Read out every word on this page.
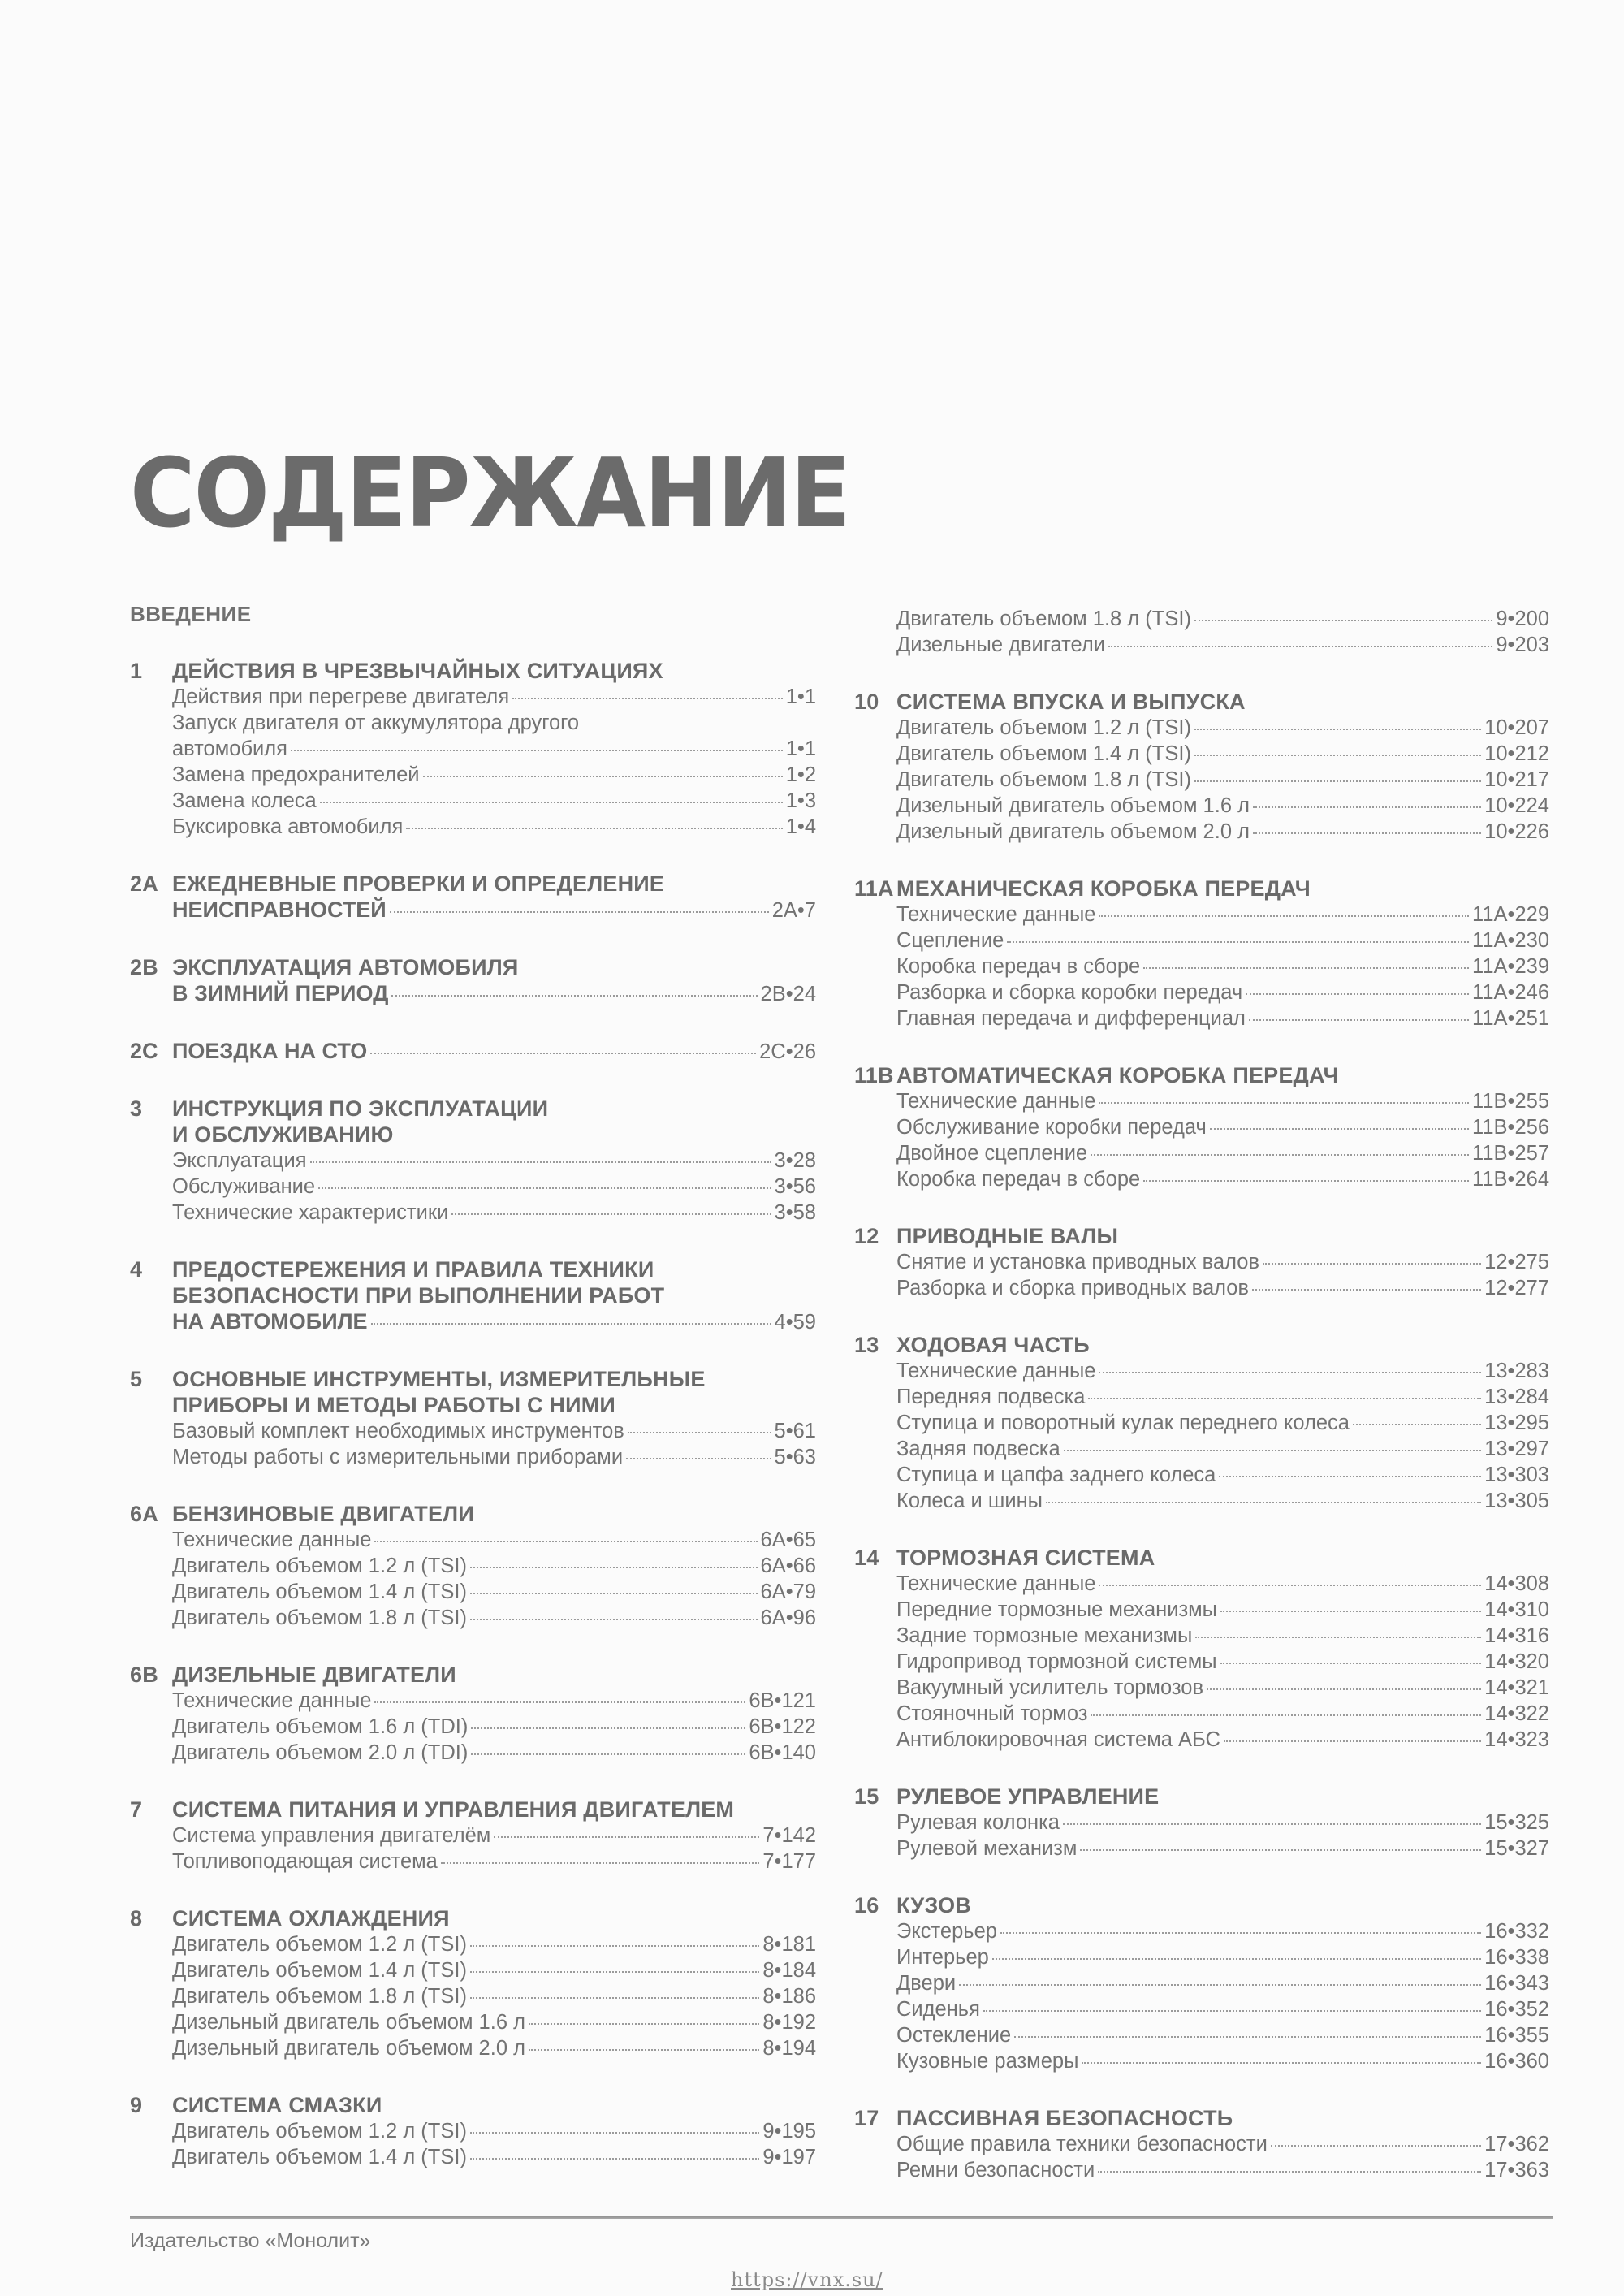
СОДЕРЖАНИЕ
ВВЕДЕНИЕ
1 ДЕЙСТВИЯ В ЧРЕЗВЫЧАЙНЫХ СИТУАЦИЯХ
Действия при перегреве двигателя	1•1
Запуск двигателя от аккумулятора другого
автомобиля	1•1
Замена предохранителей	1•2
Замена колеса	1•3
Буксировка автомобиля	1•4
2A ЕЖЕДНЕВНЫЕ ПРОВЕРКИ И ОПРЕДЕЛЕНИЕ
НЕИСПРАВНОСТЕЙ	2A•7
2B ЭКСПЛУАТАЦИЯ АВТОМОБИЛЯ
В ЗИМНИЙ ПЕРИОД	2B•24
2C ПОЕЗДКА НА СТО	2C•26
3 ИНСТРУКЦИЯ ПО ЭКСПЛУАТАЦИИ
И ОБСЛУЖИВАНИЮ
Эксплуатация	3•28
Обслуживание	3•56
Технические характеристики	3•58
4 ПРЕДОСТЕРЕЖЕНИЯ И ПРАВИЛА ТЕХНИКИ
БЕЗОПАСНОСТИ ПРИ ВЫПОЛНЕНИИ РАБОТ
НА АВТОМОБИЛЕ	4•59
5 ОСНОВНЫЕ ИНСТРУМЕНТЫ, ИЗМЕРИТЕЛЬНЫЕ
ПРИБОРЫ И МЕТОДЫ РАБОТЫ С НИМИ
Базовый комплект необходимых инструментов	5•61
Методы работы с измерительными приборами	5•63
6A БЕНЗИНОВЫЕ ДВИГАТЕЛИ
Технические данные	6A•65
Двигатель объемом 1.2 л (TSI)	6A•66
Двигатель объемом 1.4 л (TSI)	6A•79
Двигатель объемом 1.8 л (TSI)	6A•96
6B ДИЗЕЛЬНЫЕ ДВИГАТЕЛИ
Технические данные	6B•121
Двигатель объемом 1.6 л (TDI)	6B•122
Двигатель объемом 2.0 л (TDI)	6B•140
7 СИСТЕМА ПИТАНИЯ И УПРАВЛЕНИЯ ДВИГАТЕЛЕМ
Система управления двигателём	7•142
Топливоподающая система	7•177
8 СИСТЕМА ОХЛАЖДЕНИЯ
Двигатель объемом 1.2 л (TSI)	8•181
Двигатель объемом 1.4 л (TSI)	8•184
Двигатель объемом 1.8 л (TSI)	8•186
Дизельный двигатель объемом 1.6 л	8•192
Дизельный двигатель объемом 2.0 л	8•194
9 СИСТЕМА СМАЗКИ
Двигатель объемом 1.2 л (TSI)	9•195
Двигатель объемом 1.4 л (TSI)	9•197
Двигатель объемом 1.8 л (TSI)	9•200
Дизельные двигатели	9•203
10 СИСТЕМА ВПУСКА И ВЫПУСКА
Двигатель объемом 1.2 л (TSI)	10•207
Двигатель объемом 1.4 л (TSI)	10•212
Двигатель объемом 1.8 л (TSI)	10•217
Дизельный двигатель объемом 1.6 л	10•224
Дизельный двигатель объемом 2.0 л	10•226
11A МЕХАНИЧЕСКАЯ КОРОБКА ПЕРЕДАЧ
Технические данные	11A•229
Сцепление	11A•230
Коробка передач в сборе	11A•239
Разборка и сборка коробки передач	11A•246
Главная передача и дифференциал	11A•251
11B АВТОМАТИЧЕСКАЯ КОРОБКА ПЕРЕДАЧ
Технические данные	11B•255
Обслуживание коробки передач	11B•256
Двойное сцепление	11B•257
Коробка передач в сборе	11B•264
12 ПРИВОДНЫЕ ВАЛЫ
Снятие и установка приводных валов	12•275
Разборка и сборка приводных валов	12•277
13 ХОДОВАЯ ЧАСТЬ
Технические данные	13•283
Передняя подвеска	13•284
Ступица и поворотный кулак переднего колеса	13•295
Задняя подвеска	13•297
Ступица и цапфа заднего колеса	13•303
Колеса и шины	13•305
14 ТОРМОЗНАЯ СИСТЕМА
Технические данные	14•308
Передние тормозные механизмы	14•310
Задние тормозные механизмы	14•316
Гидропривод тормозной системы	14•320
Вакуумный усилитель тормозов	14•321
Стояночный тормоз	14•322
Антиблокировочная система АБС	14•323
15 РУЛЕВОЕ УПРАВЛЕНИЕ
Рулевая колонка	15•325
Рулевой механизм	15•327
16 КУЗОВ
Экстерьер	16•332
Интерьер	16•338
Двери	16•343
Сиденья	16•352
Остекление	16•355
Кузовные размеры	16•360
17 ПАССИВНАЯ БЕЗОПАСНОСТЬ
Общие правила техники безопасности	17•362
Ремни безопасности	17•363
Издательство «Монолит»
https://vnx.su/
